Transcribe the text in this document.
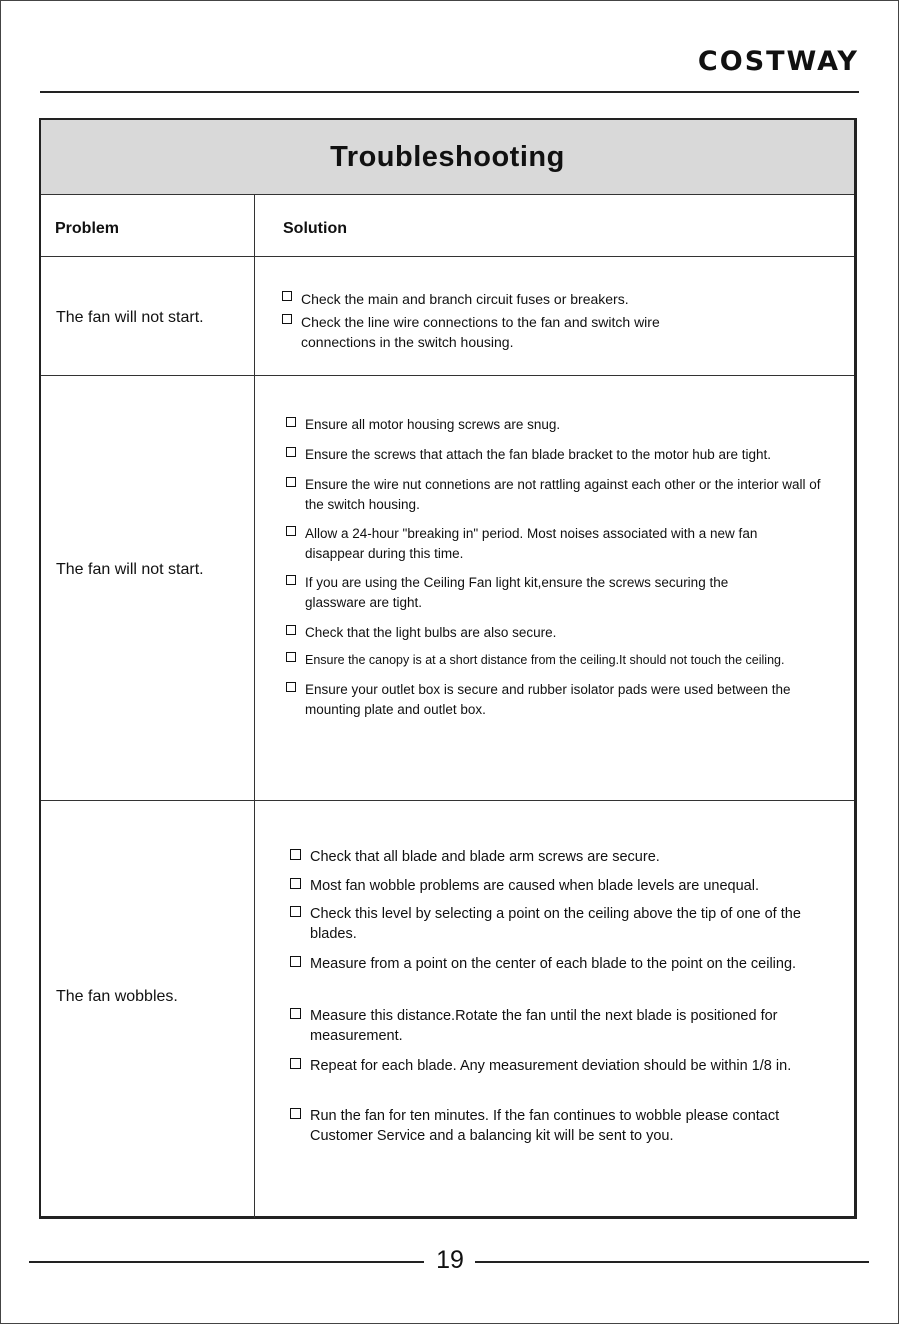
COSTWAY
Troubleshooting
Problem	Solution
The fan will not start.
Check the main and branch circuit fuses or breakers.
Check the line wire connections to the fan and switch wire connections in the switch housing.
The fan will not start.
Ensure all motor housing screws are snug.
Ensure the screws that attach the fan blade bracket to the motor hub are tight.
Ensure the wire nut connetions are not rattling against each other or the interior wall of the switch housing.
Allow a 24-hour "breaking in" period. Most noises associated with a new fan disappear during this time.
If you are using the Ceiling Fan light kit,ensure the screws securing the glassware are tight.
Check that the light bulbs are also secure.
Ensure the canopy is at a short distance from the ceiling.It should not touch the ceiling.
Ensure your outlet box is secure and rubber isolator pads were used between the mounting plate and outlet box.
The fan wobbles.
Check that all blade and blade arm screws are secure.
Most fan wobble problems are caused when blade levels are unequal.
Check this level by selecting a point on the ceiling above the tip of one of the blades.
Measure from a point on the center of each blade to the point on the ceiling.
Measure this distance.Rotate the fan until the next blade is positioned for measurement.
Repeat for each blade. Any measurement deviation should be within 1/8 in.
Run the fan for ten minutes. If the fan continues to wobble please contact Customer Service and a balancing kit will be sent to you.
19
